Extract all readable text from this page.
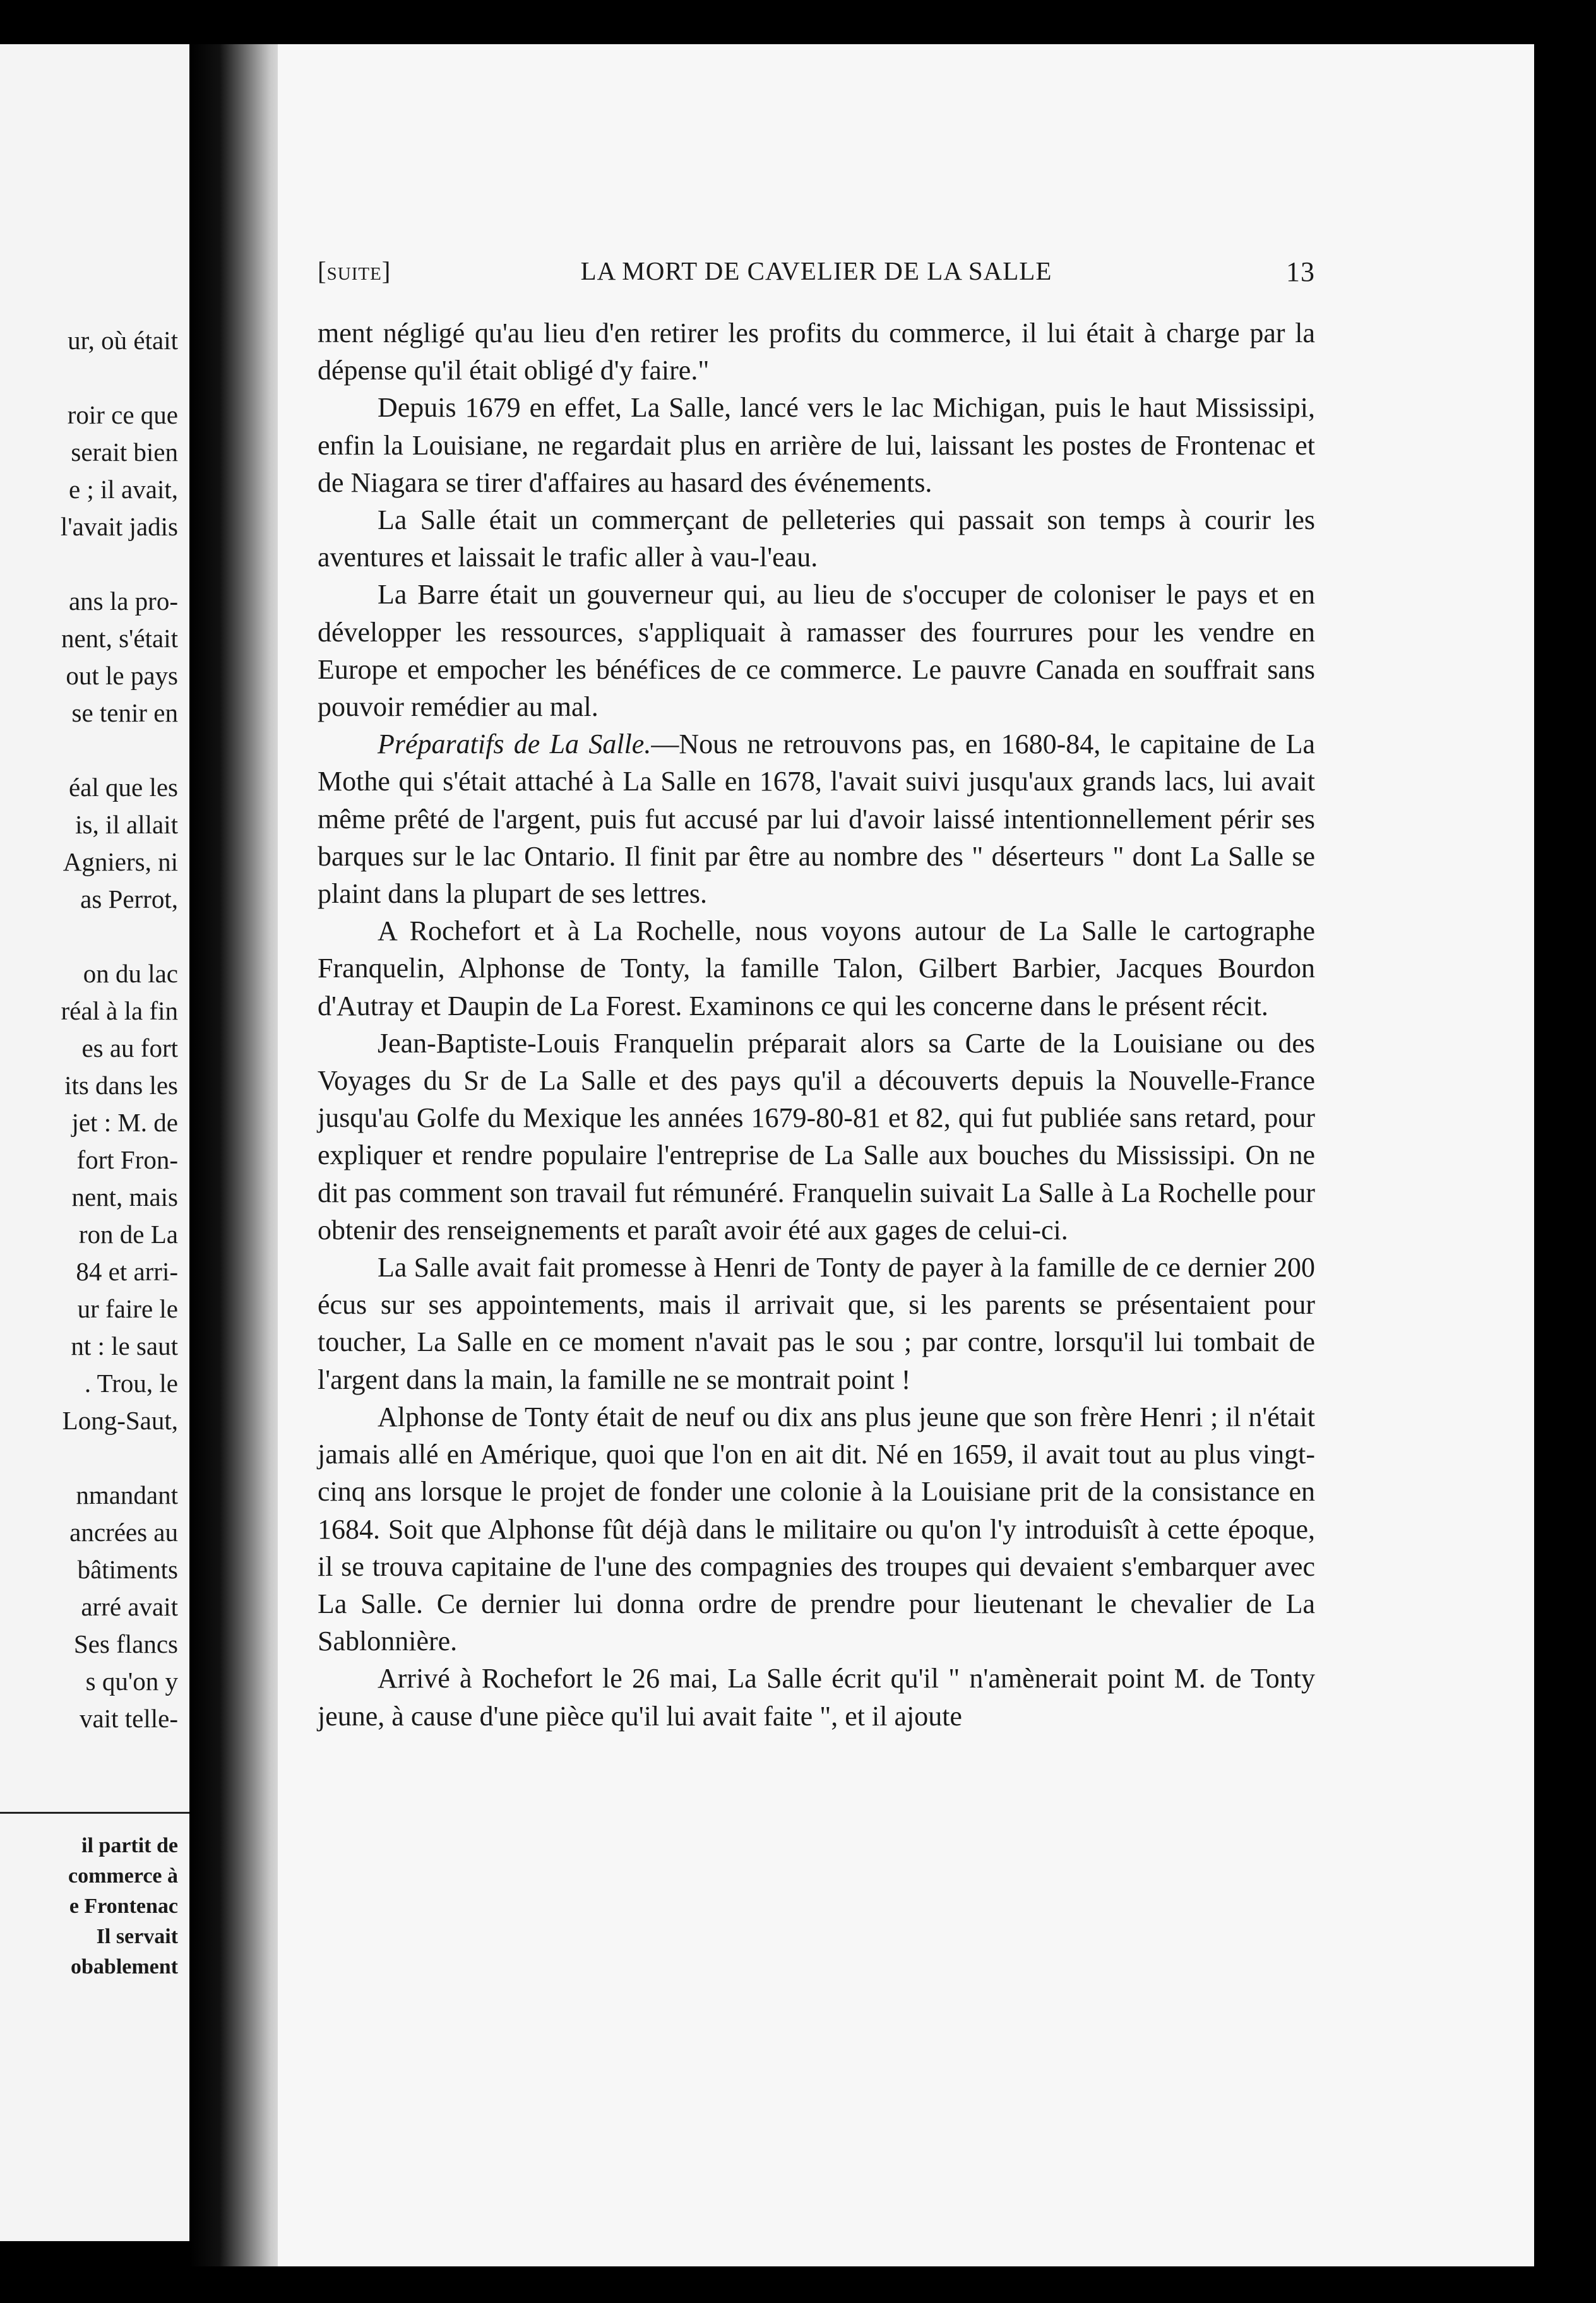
ur, où était
roir ce que
serait bien
e ; il avait,
l'avait jadis
ans la pro-
nent, s'était
out le pays
se tenir en
éal que les
is, il allait
Agniers, ni
as Perrot,
on du lac
réal à la fin
es au fort
its dans les
jet : M. de
fort Fron-
nent, mais
ron de La
84 et arri-
ur faire le
nt : le saut
. Trou, le
Long-Saut,
nmandant
ancrées au
bâtiments
arré avait
Ses flancs
s qu'on y
vait telle-
il partit de
commerce à
e Frontenac
Il servait
obablement
[suite]	LA MORT DE CAVELIER DE LA SALLE	13

ment négligé qu'au lieu d'en retirer les profits du commerce, il lui était à charge par la dépense qu'il était obligé d'y faire."

Depuis 1679 en effet, La Salle, lancé vers le lac Michigan, puis le haut Mississipi, enfin la Louisiane, ne regardait plus en arrière de lui, laissant les postes de Frontenac et de Niagara se tirer d'affaires au hasard des événements.

La Salle était un commerçant de pelleteries qui passait son temps à courir les aventures et laissait le trafic aller à vau-l'eau.

La Barre était un gouverneur qui, au lieu de s'occuper de coloniser le pays et en développer les ressources, s'appliquait à ramasser des fourrures pour les vendre en Europe et empocher les bénéfices de ce commerce. Le pauvre Canada en souffrait sans pouvoir remédier au mal.

Préparatifs de La Salle.—Nous ne retrouvons pas, en 1680-84, le capitaine de La Mothe qui s'était attaché à La Salle en 1678, l'avait suivi jusqu'aux grands lacs, lui avait même prêté de l'argent, puis fut accusé par lui d'avoir laissé intentionnellement périr ses barques sur le lac Ontario. Il finit par être au nombre des " déserteurs " dont La Salle se plaint dans la plupart de ses lettres.

A Rochefort et à La Rochelle, nous voyons autour de La Salle le cartographe Franquelin, Alphonse de Tonty, la famille Talon, Gilbert Barbier, Jacques Bourdon d'Autray et Daupin de La Forest. Examinons ce qui les concerne dans le présent récit.

Jean-Baptiste-Louis Franquelin préparait alors sa Carte de la Louisiane ou des Voyages du Sr de La Salle et des pays qu'il a découverts depuis la Nouvelle-France jusqu'au Golfe du Mexique les années 1679-80-81 et 82, qui fut publiée sans retard, pour expliquer et rendre populaire l'entreprise de La Salle aux bouches du Mississipi. On ne dit pas comment son travail fut rémunéré. Franquelin suivait La Salle à La Rochelle pour obtenir des renseignements et paraît avoir été aux gages de celui-ci.

La Salle avait fait promesse à Henri de Tonty de payer à la famille de ce dernier 200 écus sur ses appointements, mais il arrivait que, si les parents se présentaient pour toucher, La Salle en ce moment n'avait pas le sou ; par contre, lorsqu'il lui tombait de l'argent dans la main, la famille ne se montrait point !

Alphonse de Tonty était de neuf ou dix ans plus jeune que son frère Henri ; il n'était jamais allé en Amérique, quoi que l'on en ait dit. Né en 1659, il avait tout au plus vingt-cinq ans lorsque le projet de fonder une colonie à la Louisiane prit de la consistance en 1684. Soit que Alphonse fût déjà dans le militaire ou qu'on l'y introduisît à cette époque, il se trouva capitaine de l'une des compagnies des troupes qui devaient s'embarquer avec La Salle. Ce dernier lui donna ordre de prendre pour lieutenant le chevalier de La Sablonnière.

Arrivé à Rochefort le 26 mai, La Salle écrit qu'il " n'amènerait point M. de Tonty jeune, à cause d'une pièce qu'il lui avait faite ", et il ajoute
